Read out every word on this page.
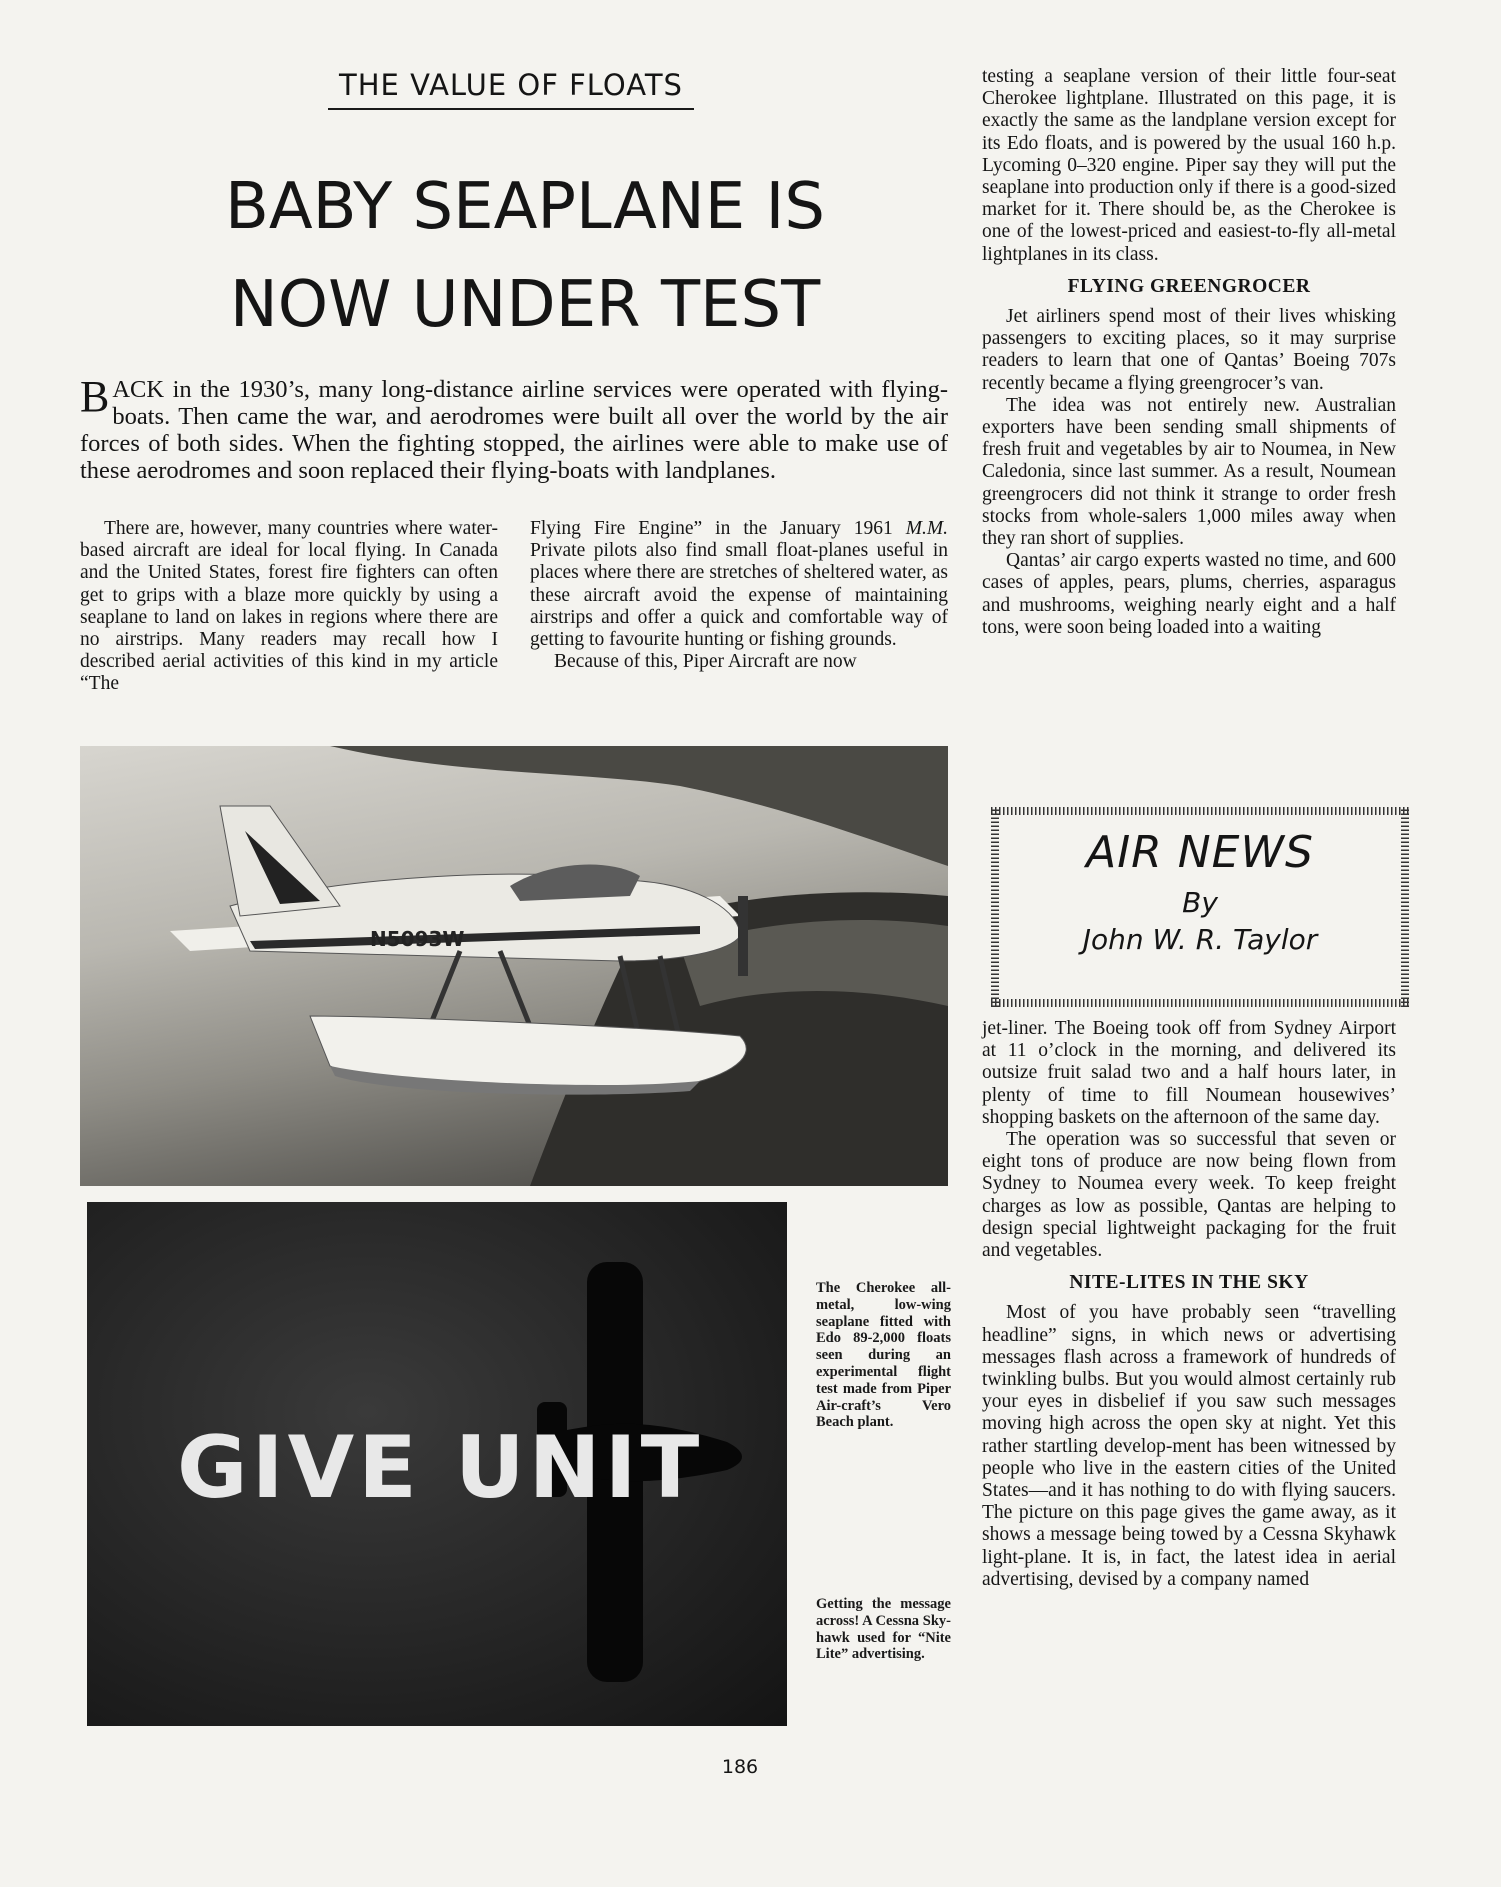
THE VALUE OF FLOATS
BABY SEAPLANE IS
NOW UNDER TEST
BACK in the 1930’s, many long-distance airline services were operated with flying-boats. Then came the war, and aerodromes were built all over the world by the air forces of both sides. When the fighting stopped, the airlines were able to make use of these aerodromes and soon replaced their flying-boats with landplanes.

There are, however, many countries where water-based aircraft are ideal for local flying. In Canada and the United States, forest fire fighters can often get to grips with a blaze more quickly by using a seaplane to land on lakes in regions where there are no airstrips. Many readers may recall how I described aerial activities of this kind in my article “The

Flying Fire Engine” in the January 1961 M.M. Private pilots also find small float-planes useful in places where there are stretches of sheltered water, as these aircraft avoid the expense of maintaining airstrips and offer a quick and comfortable way of getting to favourite hunting or fishing grounds.

Because of this, Piper Aircraft are now

testing a seaplane version of their little four-seat Cherokee lightplane. Illustrated on this page, it is exactly the same as the landplane version except for its Edo floats, and is powered by the usual 160 h.p. Lycoming 0–320 engine. Piper say they will put the seaplane into production only if there is a good-sized market for it. There should be, as the Cherokee is one of the lowest-priced and easiest-to-fly all-metal lightplanes in its class.

FLYING GREENGROCER

Jet airliners spend most of their lives whisking passengers to exciting places, so it may surprise readers to learn that one of Qantas’ Boeing 707s recently became a flying greengrocer’s van.

The idea was not entirely new. Australian exporters have been sending small shipments of fresh fruit and vegetables by air to Noumea, in New Caledonia, since last summer. As a result, Noumean greengrocers did not think it strange to order fresh stocks from whole-salers 1,000 miles away when they ran short of supplies.

Qantas’ air cargo experts wasted no time, and 600 cases of apples, pears, plums, cherries, asparagus and mushrooms, weighing nearly eight and a half tons, were soon being loaded into a waiting

AIR NEWS
By
John W. R. Taylor

jet-liner. The Boeing took off from Sydney Airport at 11 o’clock in the morning, and delivered its outsize fruit salad two and a half hours later, in plenty of time to fill Noumean housewives’ shopping baskets on the afternoon of the same day.

The operation was so successful that seven or eight tons of produce are now being flown from Sydney to Noumea every week. To keep freight charges as low as possible, Qantas are helping to design special lightweight packaging for the fruit and vegetables.

NITE-LITES IN THE SKY

Most of you have probably seen “travelling headline” signs, in which news or advertising messages flash across a framework of hundreds of twinkling bulbs. But you would almost certainly rub your eyes in disbelief if you saw such messages moving high across the open sky at night. Yet this rather startling develop-ment has been witnessed by people who live in the eastern cities of the United States—and it has nothing to do with flying saucers. The picture on this page gives the game away, as it shows a message being towed by a Cessna Skyhawk light-plane. It is, in fact, the latest idea in aerial advertising, devised by a company named

N5093W
GIVE UNIT
The Cherokee all-metal, low-wing seaplane fitted with Edo 89-2,000 floats seen during an experimental flight test made from Piper Air-craft’s Vero Beach plant.
Getting the message across! A Cessna Sky-hawk used for “Nite Lite” advertising.
186
